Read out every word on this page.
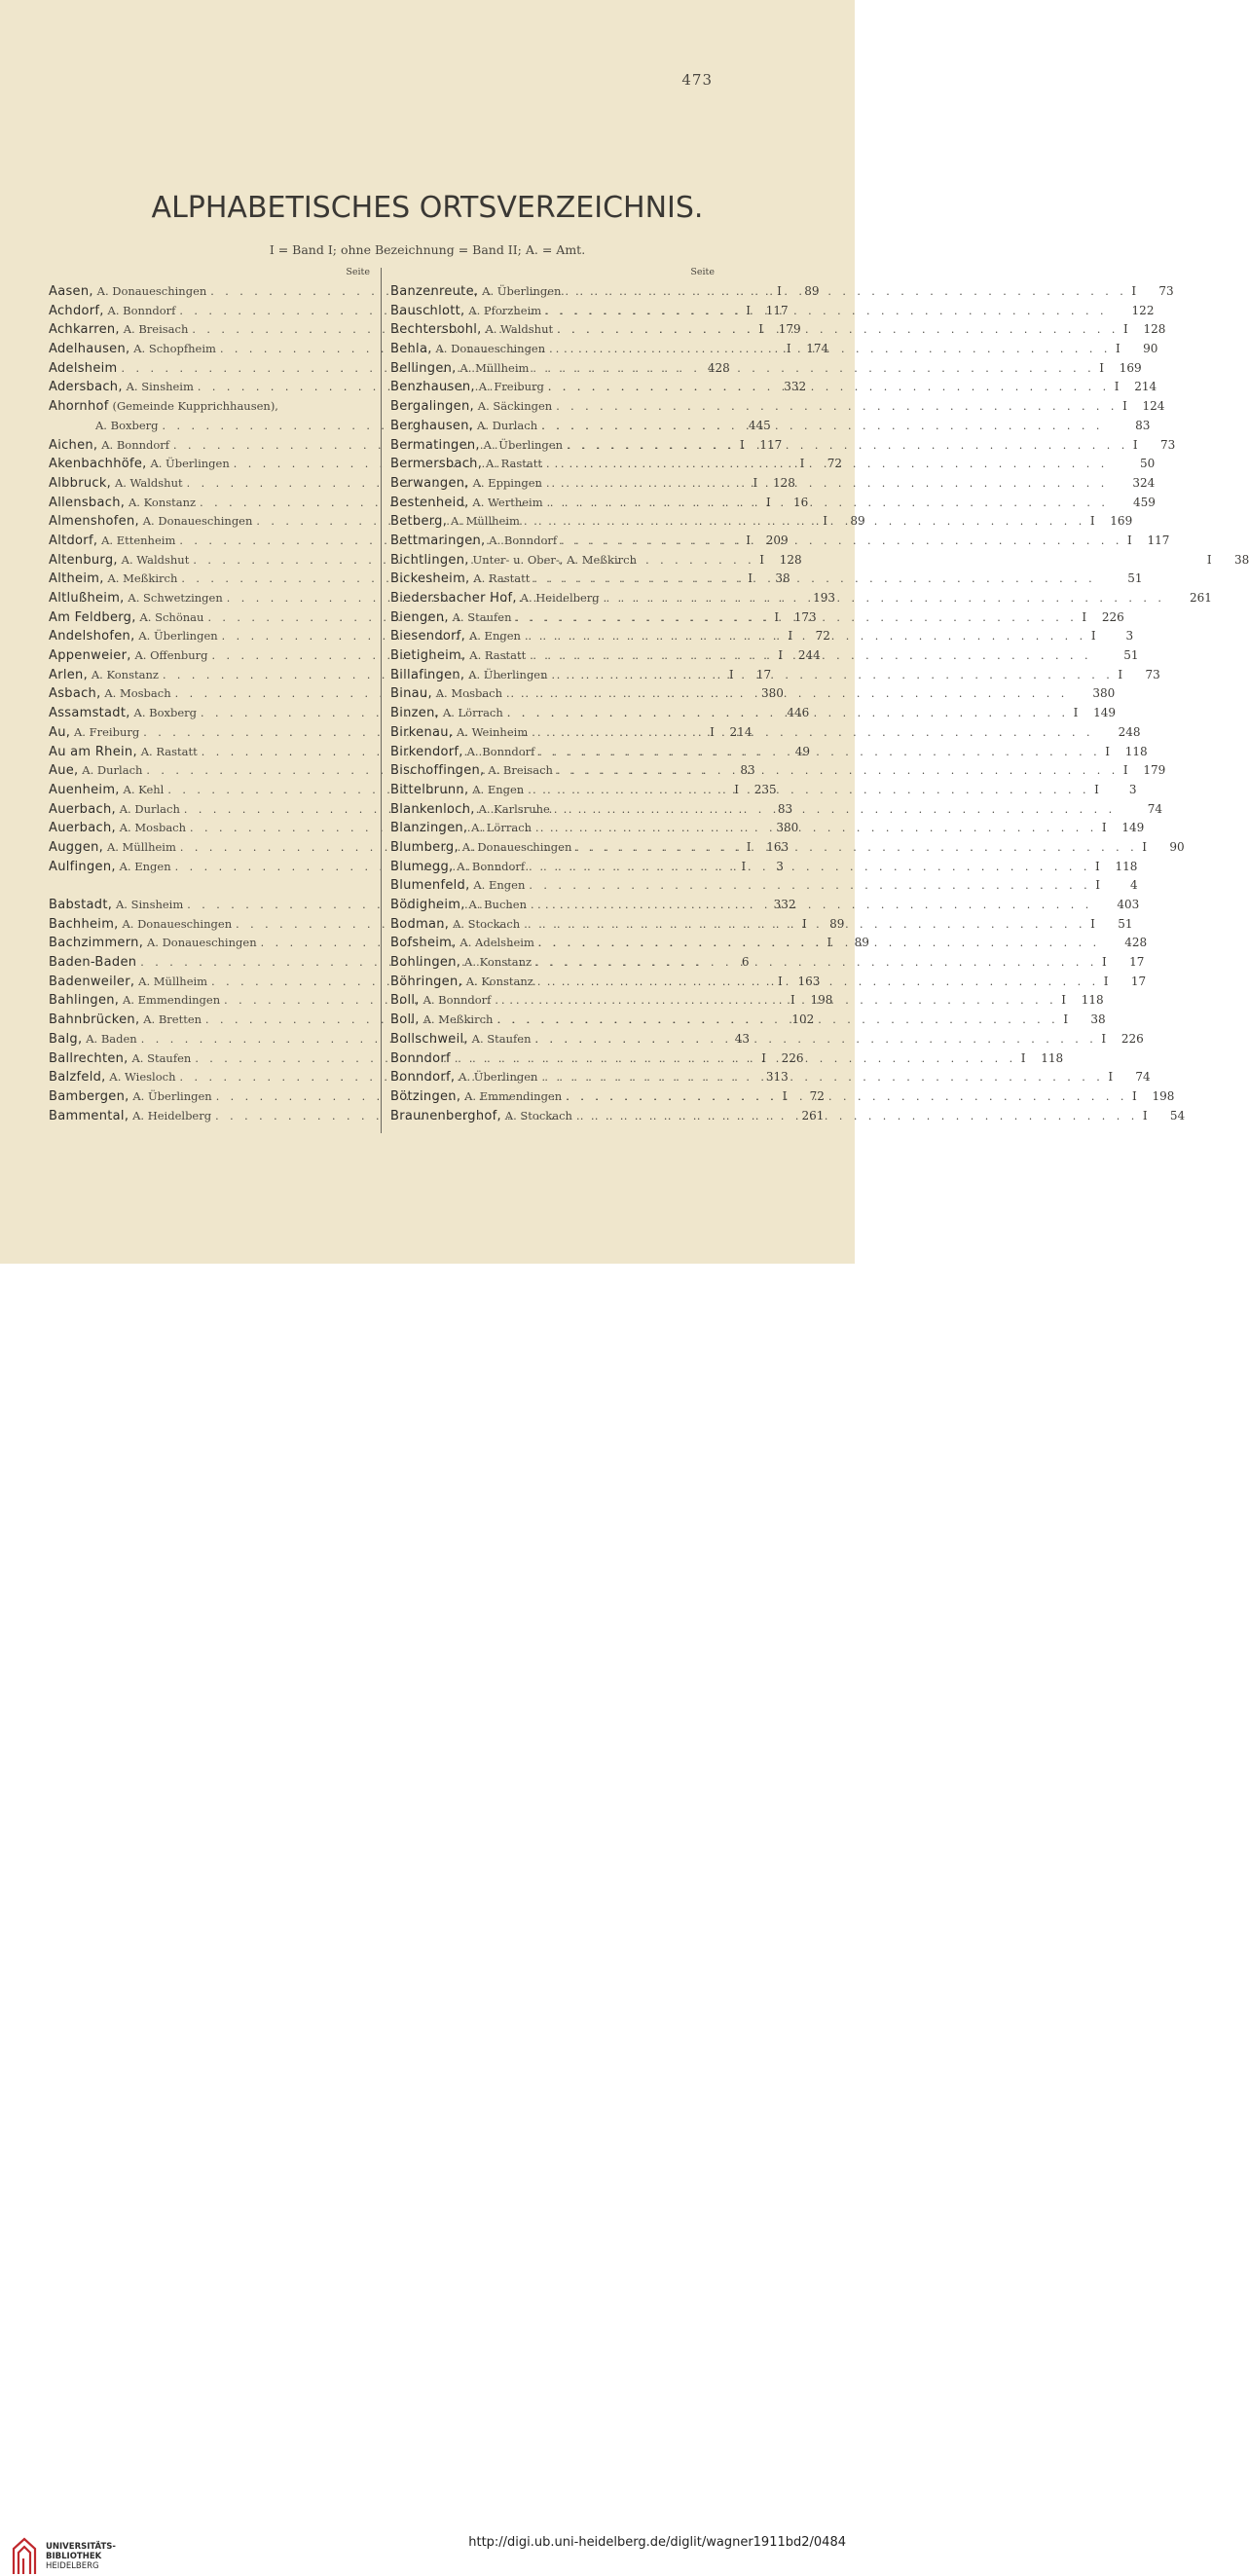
473
ALPHABETISCHES ORTSVERZEICHNIS.
I = Band I; ohne Bezeichnung = Band II; A. = Amt.
Seite
Aasen,
A. Donaueschingen . . .	I	89
Achdorf,
A. Bonndorf . . .	I	117
Achkarren,
A. Breisach . . .	I	179
Adelhausen,
A. Schopfheim . . .	I	174
Adelsheim . . .	428
Adersbach,
A. Sinsheim . . .	332
Ahornhof
(Gemeinde Kupprichhausen),
A. Boxberg . . .	445
Aichen,
A. Bonndorf . . .	I	117
Akenbachhöfe,
A. Überlingen . . .	I	72
Albbruck,
A. Waldshut . . .	I	128
Allensbach,
A. Konstanz . . .	I	16
Almenshofen,
A. Donaueschingen . . .	I	89
Altdorf,
A. Ettenheim . . .	I	209
Altenburg,
A. Waldshut . . .	I	128
Altheim,
A. Meßkirch . . .	I	38
Altlußheim,
A. Schwetzingen . . .	193
Am Feldberg,
A. Schönau . . .	I	173
Andelshofen,
A. Überlingen . . .	I	72
Appenweier,
A. Offenburg . . .	I	244
Arlen,
A. Konstanz . . .	I	17
Asbach,
A. Mosbach . . .	380
Assamstadt,
A. Boxberg . . .	446
Au,
A. Freiburg . . .	I	214
Au am Rhein,
A. Rastatt . . .	49
Aue,
A. Durlach . . .	83
Auenheim,
A. Kehl . . .	I	235
Auerbach,
A. Durlach . . .	83
Auerbach,
A. Mosbach . . .	380
Auggen,
A. Müllheim . . .	I	163
Aulfingen,
A. Engen . . .	I	3
Babstadt,
A. Sinsheim . . .	332
Bachheim,
A. Donaueschingen . . .	I	89
Bachzimmern,
A. Donaueschingen . . .	I	89
Baden-Baden . . .	6
Badenweiler,
A. Müllheim . . .	I	163
Bahlingen,
A. Emmendingen . . .	I	198
Bahnbrücken,
A. Bretten . . .	102
Balg,
A. Baden . . .	43
Ballrechten,
A. Staufen . . .	I	226
Balzfeld,
A. Wiesloch . . .	313
Bambergen,
A. Überlingen . . .	I	72
Bammental,
A. Heidelberg . . .	261
Seite
Banzenreute,
A. Überlingen . . .	I	73
Bauschlott,
A. Pforzheim . . .	122
Bechtersbohl,
A. Waldshut . . .	I	128
Behla,
A. Donaueschingen . . .	I	90
Bellingen,
A. Müllheim . . .	I	169
Benzhausen,
A. Freiburg . . .	I	214
Bergalingen,
A. Säckingen . . .	I	124
Berghausen,
A. Durlach . . .	83
Bermatingen,
A. Überlingen . . .	I	73
Bermersbach,
A. Rastatt . . .	50
Berwangen,
A. Eppingen . . .	324
Bestenheid,
A. Wertheim . . .	459
Betberg,
A. Müllheim . . .	I	169
Bettmaringen,
A. Bonndorf . . .	I	117
Bichtlingen,
Unter- u. Ober-, A. Meßkirch	I	38
Bickesheim,
A. Rastatt . . .	51
Biedersbacher Hof,
A. Heidelberg . . .	261
Biengen,
A. Staufen . . .	I	226
Biesendorf,
A. Engen . . .	I	3
Bietigheim,
A. Rastatt . . .	51
Billafingen,
A. Überlingen . . .	I	73
Binau,
A. Mosbach . . .	380
Binzen,
A. Lörrach . . .	I	149
Birkenau,
A. Weinheim . . .	248
Birkendorf,
A. Bonndorf . . .	I	118
Bischoffingen,
A. Breisach . . .	I	179
Bittelbrunn,
A. Engen . . .	I	3
Blankenloch,
A. Karlsruhe . . .	74
Blanzingen,
A. Lörrach . . .	I	149
Blumberg,
A. Donaueschingen . . .	I	90
Blumegg,
A. Bonndorf . . .	I	118
Blumenfeld,
A. Engen . . .	I	4
Bödigheim,
A. Buchen . . .	403
Bodman,
A. Stockach . . .	I	51
Bofsheim,
A. Adelsheim . . .	428
Bohlingen,
A. Konstanz . . .	I	17
Böhringen,
A. Konstanz . . .	I	17
Boll,
A. Bonndorf . . .	I	118
Boll,
A. Meßkirch . . .	I	38
Bollschweil,
A. Staufen . . .	I	226
Bonndorf . . .	I	118
Bonndorf,
A. Überlingen . . .	I	74
Bötzingen,
A. Emmendingen . . .	I	198
Braunenberghof,
A. Stockach . . .	I	54
UNIVERSITÄTS-
BIBLIOTHEK
HEIDELBERG
http://digi.ub.uni-heidelberg.de/diglit/wagner1911bd2/0484
